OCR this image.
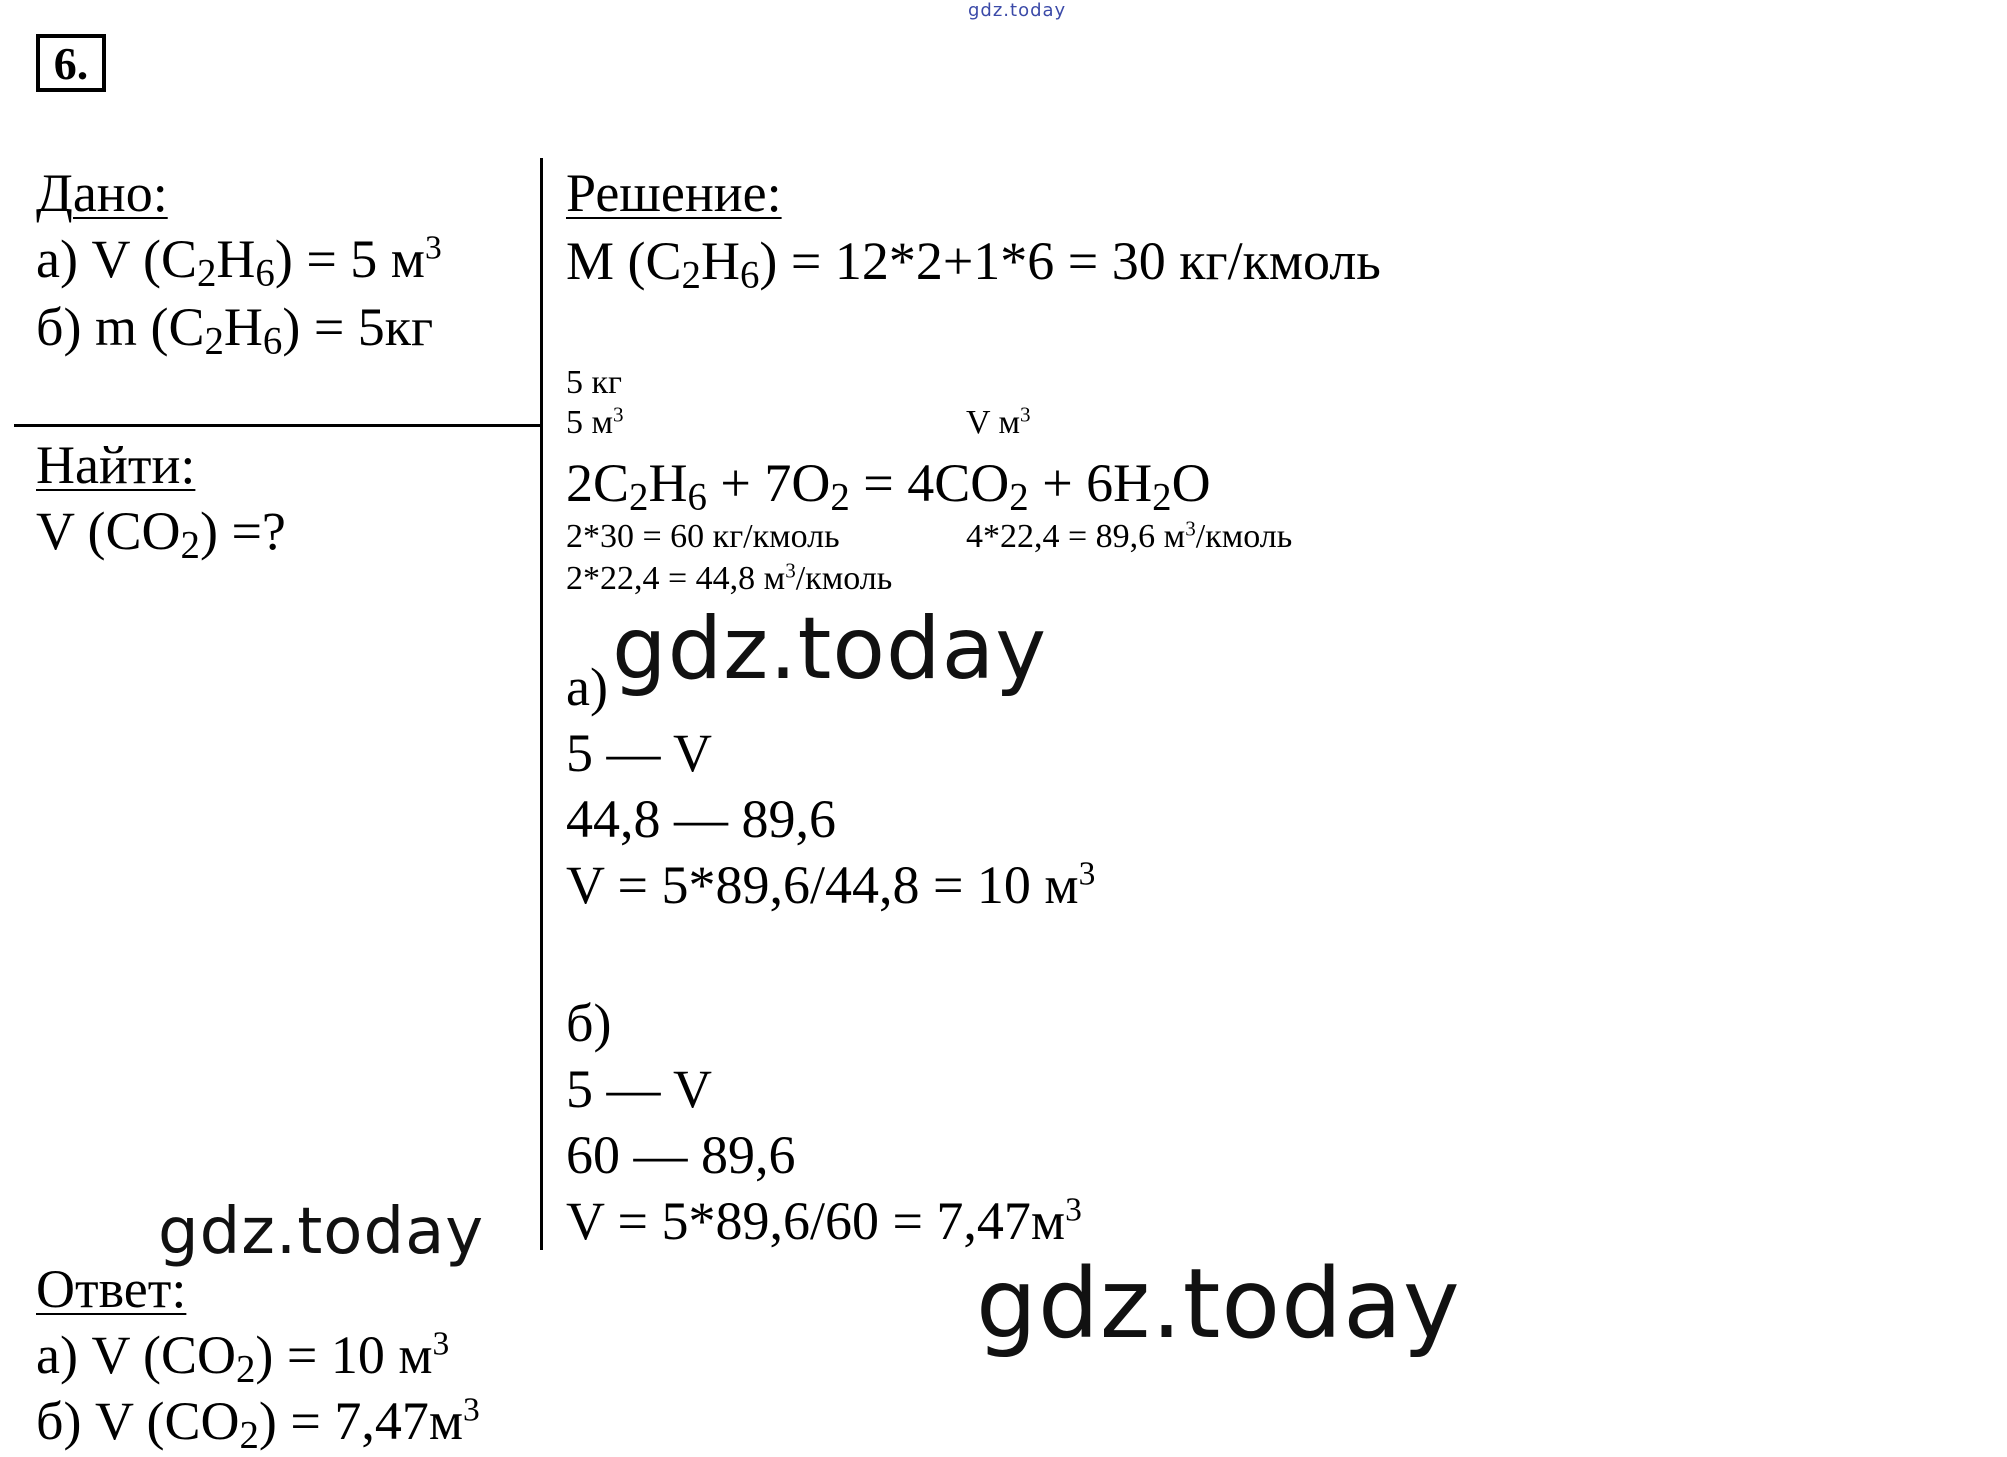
gdz.today
6.
Дано:
а) V $(C_2H_6) = 5$ $м^3$
б) m $(C_2H_6) = 5кг$
Найти:
V $(CO_2)$ =?
Ответ:
а) V $(CO_2) = 10$ $м^3$
б) V $(CO_2) = 7,47м^3$
Решение:
M $(C_2H_6) = 12*2+1*6 = 30$ кг/кмоль
5 кг
5 $м^3$	V $м^3$
$2C_2H_6 + 7O_2 = 4CO_2 + 6H_2O$
2*30 = 60 кг/кмоль	4*22,4 = 89,6 $м^3$/кмоль
2*22,4 = 44,8 $м^3$/кмоль
а)
5 — V
44,8 — 89,6
V = 5*89,6/44,8 = 10 $м^3$
б)
5 — V
60 — 89,6
$V = 5*89,6/60 = 7,47м^3$
gdz.today
gdz.today
gdz.today
